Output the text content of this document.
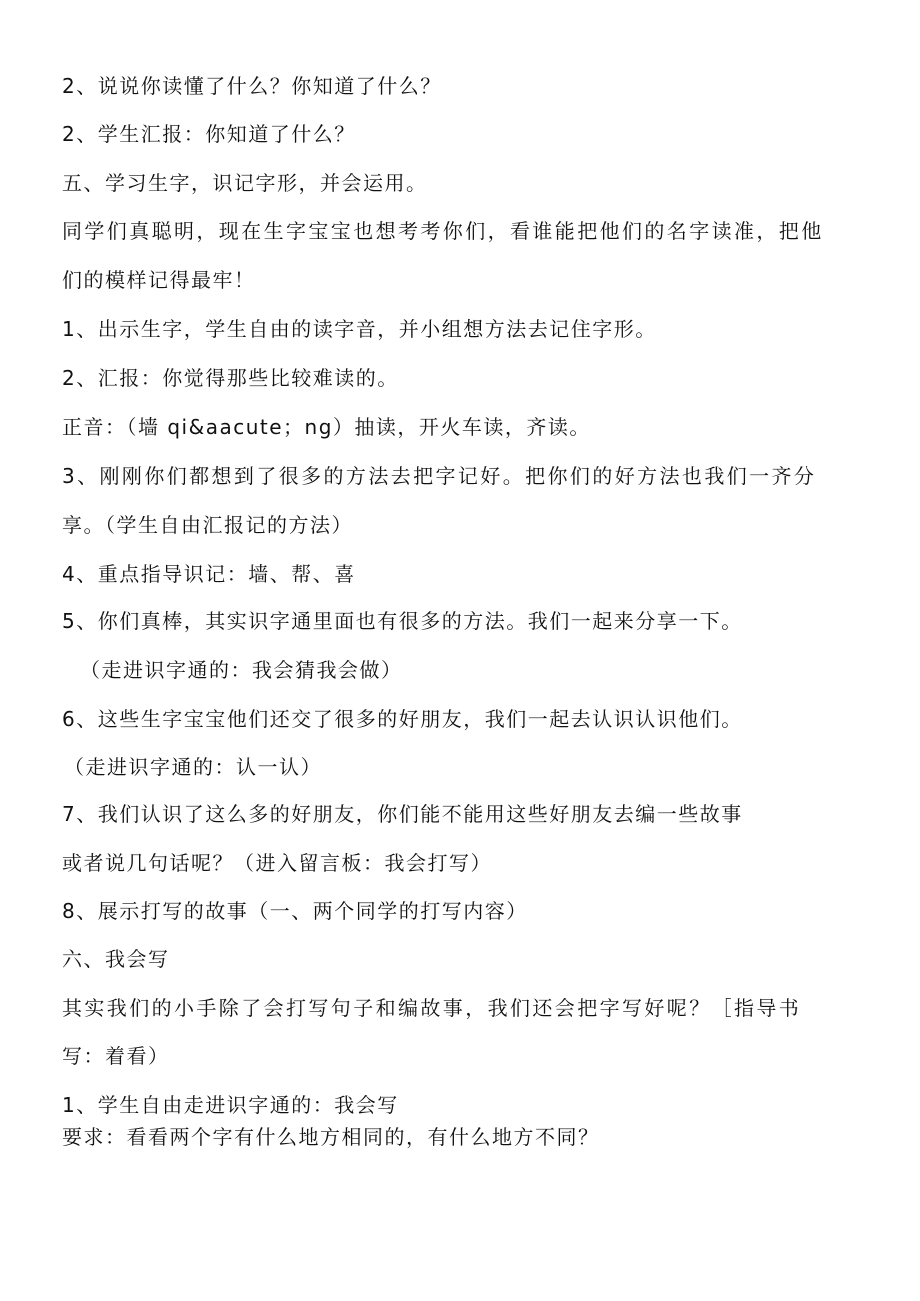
2、说说你读懂了什么？你知道了什么？
2、学生汇报：你知道了什么？
五、学习生字，识记字形，并会运用。
同学们真聪明，现在生字宝宝也想考考你们，看谁能把他们的名字读准，把他
们的模样记得最牢！
1、出示生字，学生自由的读字音，并小组想方法去记住字形。
2、汇报：你觉得那些比较难读的。
正音：（墙 qi&aacute；ng）抽读，开火车读，齐读。
3、刚刚你们都想到了很多的方法去把字记好。把你们的好方法也我们一齐分
享。（学生自由汇报记的方法）
4、重点指导识记：墙、帮、喜
5、你们真棒，其实识字通里面也有很多的方法。我们一起来分享一下。
（走进识字通的：我会猜我会做）
6、这些生字宝宝他们还交了很多的好朋友，我们一起去认识认识他们。
（走进识字通的：认一认）
7、我们认识了这么多的好朋友，你们能不能用这些好朋友去编一些故事
或者说几句话呢？（进入留言板：我会打写）
8、展示打写的故事（一、两个同学的打写内容）
六、我会写
其实我们的小手除了会打写句子和编故事，我们还会把字写好呢？［指导书
写：着看）
1、学生自由走进识字通的：我会写
要求：看看两个字有什么地方相同的，有什么地方不同？
